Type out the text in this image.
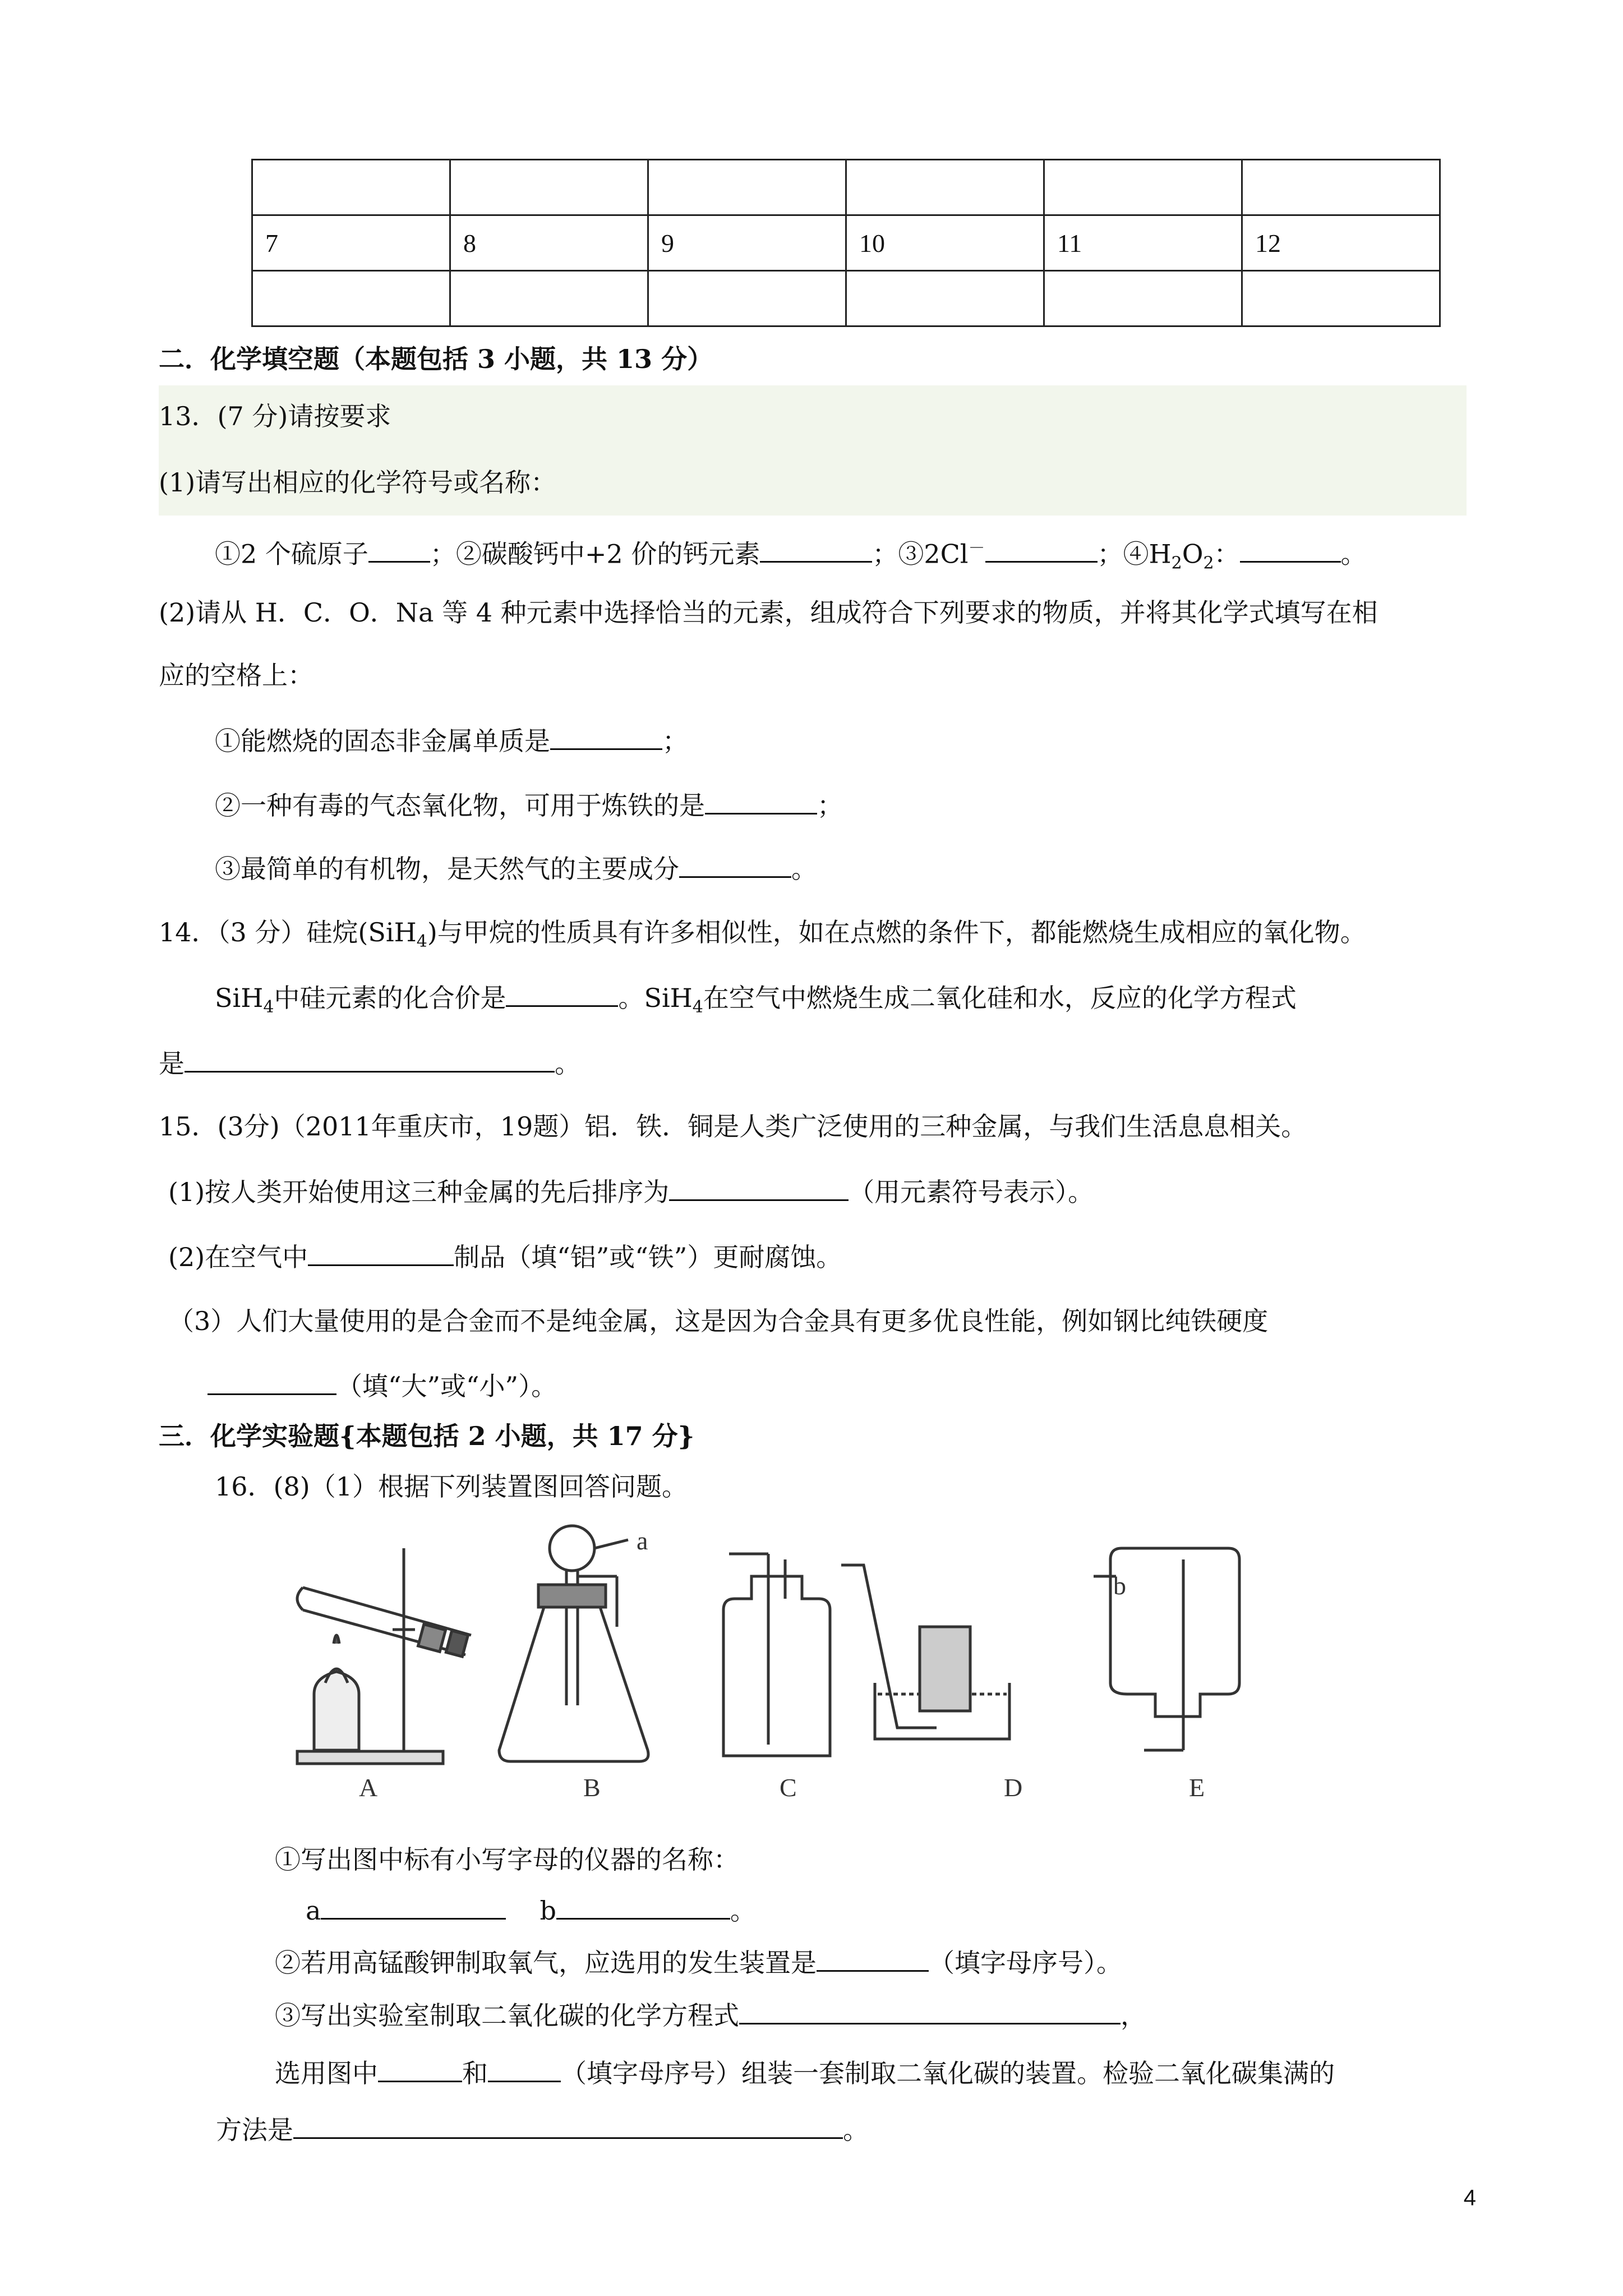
7	8	9	10	11	12

二．化学填空题（本题包括 3 小题，共 13 分）
13．(7 分)请按要求
(1)请写出相应的化学符号或名称：
①2 个硫原子 ；②碳酸钙中+2 价的钙元素	；③2Cl－	；$④H_2O_2$：	。
(2)请从 H．C．O．Na 等 4 种元素中选择恰当的元素，组成符合下列要求的物质，并将其化学式填写在相
应的空格上：
①能燃烧的固态非金属单质是	；
②一种有毒的气态氧化物，可用于炼铁的是	；
③最简单的有机物，是天然气的主要成分	。
14．（3 分）硅烷(SiH$_4$)与甲烷的性质具有许多相似性，如在点燃的条件下，都能燃烧生成相应的氧化物。
SiH$_4$中硅元素的化合价是	。SiH$_4$在空气中燃烧生成二氧化硅和水，反应的化学方程式
是	。
15．(3分)（2011年重庆市，19题）铝．铁．铜是人类广泛使用的三种金属，与我们生活息息相关。
(1)按人类开始使用这三种金属的先后排序为	（用元素符号表示）。
(2)在空气中	制品（填“铝”或“铁”）更耐腐蚀。
（3）人们大量使用的是合金而不是纯金属，这是因为合金具有更多优良性能，例如钢比纯铁硬度
（填“大”或“小”）。
三．化学实验题{本题包括 2 小题，共 17 分}
16．(8)（1）根据下列装置图回答问题。
a
b
A	B	C	D	E
①写出图中标有小写字母的仪器的名称：
a	b	。
②若用高锰酸钾制取氧气，应选用的发生装置是	（填字母序号）。
③写出实验室制取二氧化碳的化学方程式	，
选用图中	和	（填字母序号）组装一套制取二氧化碳的装置。检验二氧化碳集满的
方法是	。
4
